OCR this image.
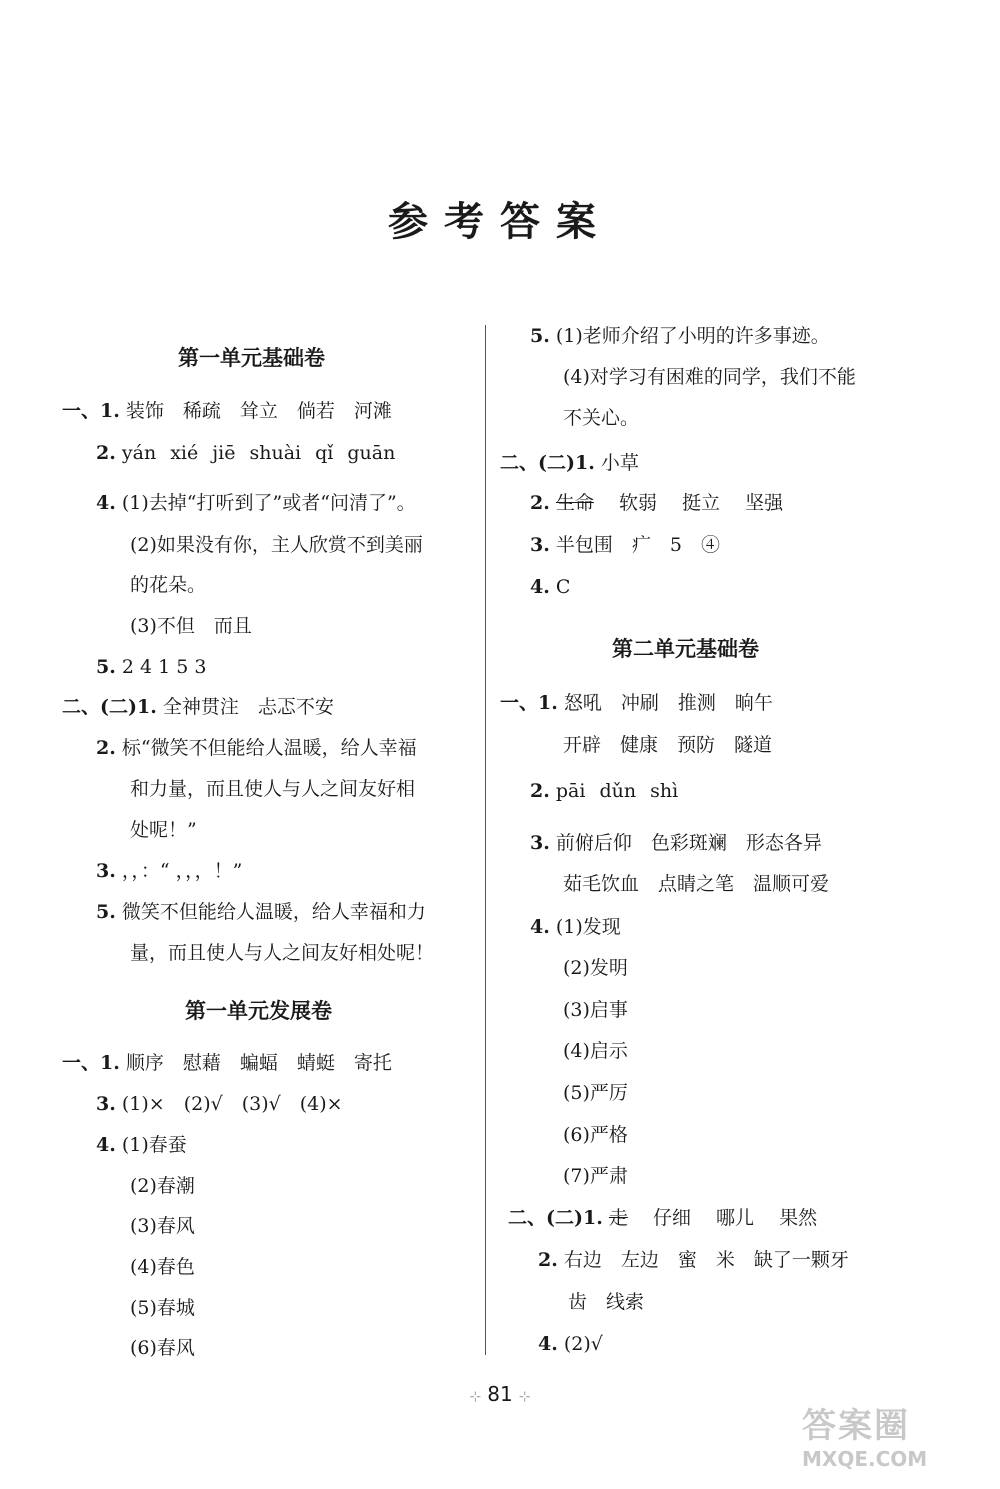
参考答案
第一单元基础卷
一、1. 装饰　稀疏　耸立　倘若　河滩
2. yán xié jiē shuài qǐ guān
4. (1)去掉“打听到了”或者“问清了”。
(2)如果没有你，主人欣赏不到美丽
的花朵。
(3)不但　而且
5. 2 4 1 5 3
二、(二)1. 全神贯注　忐忑不安
2. 标“微笑不但能给人温暖，给人幸福
和力量，而且使人与人之间友好相
处呢！”
3. ，，：“ ，，，！”
5. 微笑不但能给人温暖，给人幸福和力
量，而且使人与人之间友好相处呢！
第一单元发展卷
一、1. 顺序　慰藉　蝙蝠　蜻蜓　寄托
3. (1)×　(2)√　(3)√　(4)×
4. (1)春蚕
(2)春潮
(3)春风
(4)春色
(5)春城
(6)春风
5. (1)老师介绍了小明的许多事迹。
(4)对学习有困难的同学，我们不能
不关心。
二、(二)1. 小草
2. 生命　 软弱　 挺立　 坚强
3. 半包围　疒　5　④
4. C
第二单元基础卷
一、1. 怒吼　冲刷　推测　晌午
开辟　健康　预防　隧道
2. pāi dǔn shì
3. 前俯后仰　色彩斑斓　形态各异
茹毛饮血　点睛之笔　温顺可爱
4. (1)发现
(2)发明
(3)启事
(4)启示
(5)严厉
(6)严格
(7)严肃
二、(二)1. 走　 仔细　 哪儿　 果然
2. 右边　左边　蜜　米　缺了一颗牙
齿　线索
4. (2)√
⊹ 81 ⊹
答案圈
MXQE.COM
